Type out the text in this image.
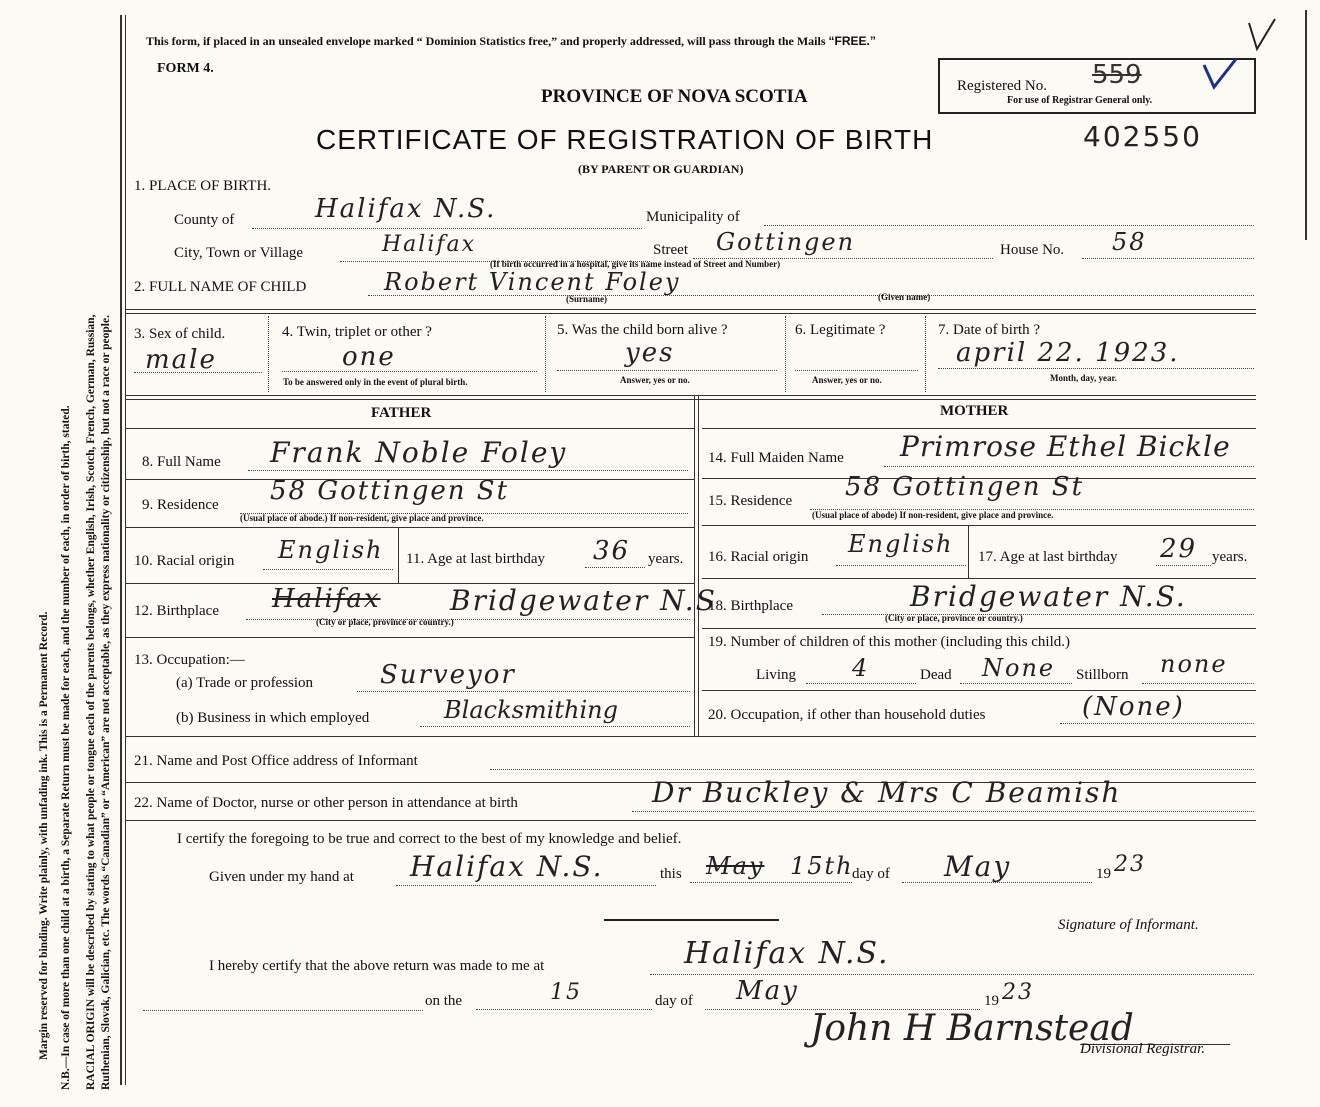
Margin reserved for binding. Write plainly, with unfading ink. This is a Permanent Record. N.B.—In case of more than one child at a birth, a Separate Return must be made for each, and the number of each, in order of birth, stated. RACIAL ORIGIN will be described by stating to what people or tongue each of the parents belongs, whether English, Irish, Scotch, French, German, Russian, Ruthenian, Slovak, Galician, etc. The words “Canadian” or “American” are not acceptable, as they express nationality or citizenship, but not a race or people.
This form, if placed in an unsealed envelope marked “ Dominion Statistics free,” and properly addressed, will pass through the Mails “FREE.”
FORM 4.
PROVINCE OF NOVA SCOTIA
CERTIFICATE OF REGISTRATION OF BIRTH	402550
(BY PARENT OR GUARDIAN)
Registered No. 559
For use of Registrar General only.
1. PLACE OF BIRTH.
County of	Halifax N.S.	Municipality of
City, Town or Village	Halifax	Street Gottingen	House No. 58
(If birth occurred in a hospital, give its name instead of Street and Number)
2. FULL NAME OF CHILD	Robert Vincent Foley
(Surname)	(Given name)
3. Sex of child.
male
4. Twin, triplet or other ?
one
To be answered only in the event of plural birth.
5. Was the child born alive ?
yes
Answer, yes or no.
6. Legitimate ?
Answer, yes or no.
7. Date of birth ?
april 22. 1923.
Month, day, year.
FATHER	MOTHER
8. Full Name Frank Noble Foley
9. Residence 58 Gottingen St
(Usual place of abode.) If non-resident, give place and province.
10. Racial origin English 11. Age at last birthday 36 years.
12. Birthplace Halifax Bridgewater N.S
(City or place, province or country.)
13. Occupation:—
(a) Trade or profession	Surveyor
(b) Business in which employed	Blacksmithing
14. Full Maiden Name Primrose Ethel Bickle
15. Residence 58 Gottingen St
(Usual place of abode) If non-resident, give place and province.
16. Racial origin English 17. Age at last birthday 29 years.
18. Birthplace	Bridgewater N.S.
(City or place, province or country.)
19. Number of children of this mother (including this child.)
Living 4	Dead None Stillborn none
20. Occupation, if other than household duties	(None)
21. Name and Post Office address of Informant
22. Name of Doctor, nurse or other person in attendance at birth	Dr Buckley & Mrs C Beamish
I certify the foregoing to be true and correct to the best of my knowledge and belief.
Given under my hand at Halifax N.S.	this May 15th
day of May	19 23
Signature of Informant.
I hereby certify that the above return was made to me at	Halifax N.S.
on the	15	day of May	19 23
John H Barnstead
Divisional Registrar.
